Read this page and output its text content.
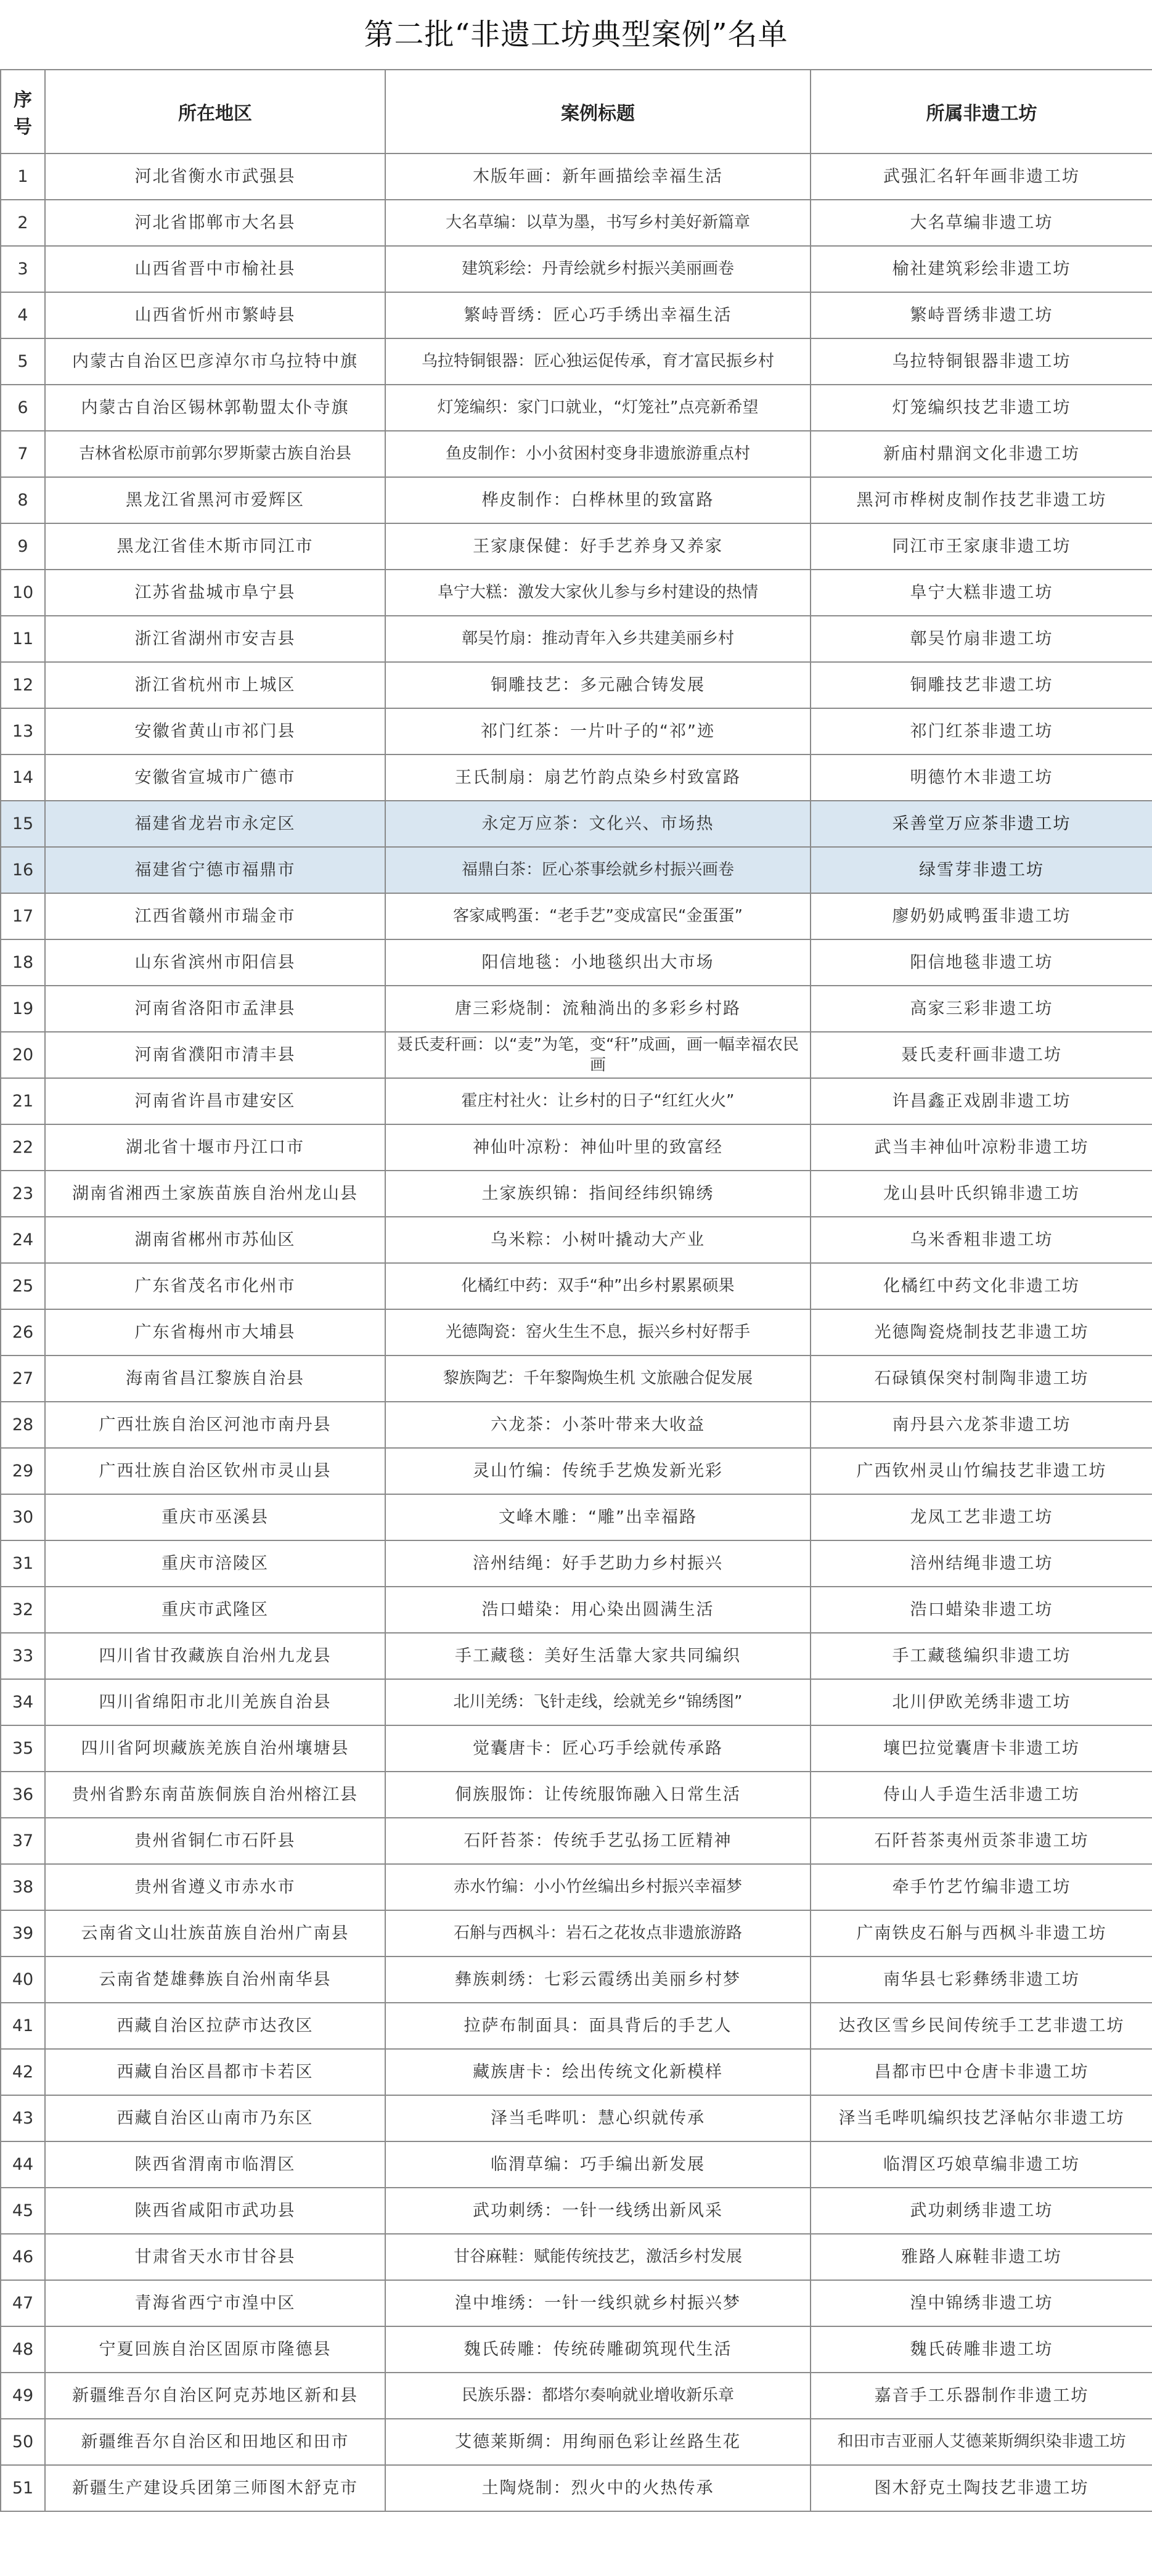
第二批“非遗工坊典型案例”名单
序号	所在地区	案例标题	所属非遗工坊
1	河北省衡水市武强县	木版年画：新年画描绘幸福生活	武强汇名轩年画非遗工坊
2	河北省邯郸市大名县	大名草编：以草为墨，书写乡村美好新篇章	大名草编非遗工坊
3	山西省晋中市榆社县	建筑彩绘：丹青绘就乡村振兴美丽画卷	榆社建筑彩绘非遗工坊
4	山西省忻州市繁峙县	繁峙晋绣：匠心巧手绣出幸福生活	繁峙晋绣非遗工坊
5	内蒙古自治区巴彦淖尔市乌拉特中旗	乌拉特铜银器：匠心独运促传承，育才富民振乡村	乌拉特铜银器非遗工坊
6	内蒙古自治区锡林郭勒盟太仆寺旗	灯笼编织：家门口就业，“灯笼社”点亮新希望	灯笼编织技艺非遗工坊
7	吉林省松原市前郭尔罗斯蒙古族自治县	鱼皮制作：小小贫困村变身非遗旅游重点村	新庙村鼎润文化非遗工坊
8	黑龙江省黑河市爱辉区	桦皮制作：白桦林里的致富路	黑河市桦树皮制作技艺非遗工坊
9	黑龙江省佳木斯市同江市	王家康保健：好手艺养身又养家	同江市王家康非遗工坊
10	江苏省盐城市阜宁县	阜宁大糕：激发大家伙儿参与乡村建设的热情	阜宁大糕非遗工坊
11	浙江省湖州市安吉县	鄣吴竹扇：推动青年入乡共建美丽乡村	鄣吴竹扇非遗工坊
12	浙江省杭州市上城区	铜雕技艺：多元融合铸发展	铜雕技艺非遗工坊
13	安徽省黄山市祁门县	祁门红茶：一片叶子的“祁”迹	祁门红茶非遗工坊
14	安徽省宣城市广德市	王氏制扇：扇艺竹韵点染乡村致富路	明德竹木非遗工坊
15	福建省龙岩市永定区	永定万应茶：文化兴、市场热	采善堂万应茶非遗工坊
16	福建省宁德市福鼎市	福鼎白茶：匠心茶事绘就乡村振兴画卷	绿雪芽非遗工坊
17	江西省赣州市瑞金市	客家咸鸭蛋：“老手艺”变成富民“金蛋蛋”	廖奶奶咸鸭蛋非遗工坊
18	山东省滨州市阳信县	阳信地毯：小地毯织出大市场	阳信地毯非遗工坊
19	河南省洛阳市孟津县	唐三彩烧制：流釉淌出的多彩乡村路	高家三彩非遗工坊
20	河南省濮阳市清丰县	聂氏麦秆画：以“麦”为笔，变“秆”成画，画一幅幸福农民画	聂氏麦秆画非遗工坊
21	河南省许昌市建安区	霍庄村社火：让乡村的日子“红红火火”	许昌鑫正戏剧非遗工坊
22	湖北省十堰市丹江口市	神仙叶凉粉：神仙叶里的致富经	武当丰神仙叶凉粉非遗工坊
23	湖南省湘西土家族苗族自治州龙山县	土家族织锦：指间经纬织锦绣	龙山县叶氏织锦非遗工坊
24	湖南省郴州市苏仙区	乌米粽：小树叶撬动大产业	乌米香粗非遗工坊
25	广东省茂名市化州市	化橘红中药：双手“种”出乡村累累硕果	化橘红中药文化非遗工坊
26	广东省梅州市大埔县	光德陶瓷：窑火生生不息，振兴乡村好帮手	光德陶瓷烧制技艺非遗工坊
27	海南省昌江黎族自治县	黎族陶艺：千年黎陶焕生机 文旅融合促发展	石碌镇保突村制陶非遗工坊
28	广西壮族自治区河池市南丹县	六龙茶：小茶叶带来大收益	南丹县六龙茶非遗工坊
29	广西壮族自治区钦州市灵山县	灵山竹编：传统手艺焕发新光彩	广西钦州灵山竹编技艺非遗工坊
30	重庆市巫溪县	文峰木雕：“雕”出幸福路	龙凤工艺非遗工坊
31	重庆市涪陵区	涪州结绳：好手艺助力乡村振兴	涪州结绳非遗工坊
32	重庆市武隆区	浩口蜡染：用心染出圆满生活	浩口蜡染非遗工坊
33	四川省甘孜藏族自治州九龙县	手工藏毯：美好生活靠大家共同编织	手工藏毯编织非遗工坊
34	四川省绵阳市北川羌族自治县	北川羌绣：飞针走线，绘就羌乡“锦绣图”	北川伊欧羌绣非遗工坊
35	四川省阿坝藏族羌族自治州壤塘县	觉囊唐卡：匠心巧手绘就传承路	壤巴拉觉囊唐卡非遗工坊
36	贵州省黔东南苗族侗族自治州榕江县	侗族服饰：让传统服饰融入日常生活	侍山人手造生活非遗工坊
37	贵州省铜仁市石阡县	石阡苔茶：传统手艺弘扬工匠精神	石阡苔茶夷州贡茶非遗工坊
38	贵州省遵义市赤水市	赤水竹编：小小竹丝编出乡村振兴幸福梦	牵手竹艺竹编非遗工坊
39	云南省文山壮族苗族自治州广南县	石斛与西枫斗：岩石之花妆点非遗旅游路	广南铁皮石斛与西枫斗非遗工坊
40	云南省楚雄彝族自治州南华县	彝族刺绣：七彩云霞绣出美丽乡村梦	南华县七彩彝绣非遗工坊
41	西藏自治区拉萨市达孜区	拉萨布制面具：面具背后的手艺人	达孜区雪乡民间传统手工艺非遗工坊
42	西藏自治区昌都市卡若区	藏族唐卡：绘出传统文化新模样	昌都市巴中仓唐卡非遗工坊
43	西藏自治区山南市乃东区	泽当毛哔叽：慧心织就传承	泽当毛哔叽编织技艺泽帖尔非遗工坊
44	陕西省渭南市临渭区	临渭草编：巧手编出新发展	临渭区巧娘草编非遗工坊
45	陕西省咸阳市武功县	武功刺绣：一针一线绣出新风采	武功刺绣非遗工坊
46	甘肃省天水市甘谷县	甘谷麻鞋：赋能传统技艺，激活乡村发展	雅路人麻鞋非遗工坊
47	青海省西宁市湟中区	湟中堆绣：一针一线织就乡村振兴梦	湟中锦绣非遗工坊
48	宁夏回族自治区固原市隆德县	魏氏砖雕：传统砖雕砌筑现代生活	魏氏砖雕非遗工坊
49	新疆维吾尔自治区阿克苏地区新和县	民族乐器：都塔尔奏响就业增收新乐章	嘉音手工乐器制作非遗工坊
50	新疆维吾尔自治区和田地区和田市	艾德莱斯绸：用绚丽色彩让丝路生花	和田市吉亚丽人艾德莱斯绸织染非遗工坊
51	新疆生产建设兵团第三师图木舒克市	土陶烧制：烈火中的火热传承	图木舒克土陶技艺非遗工坊
